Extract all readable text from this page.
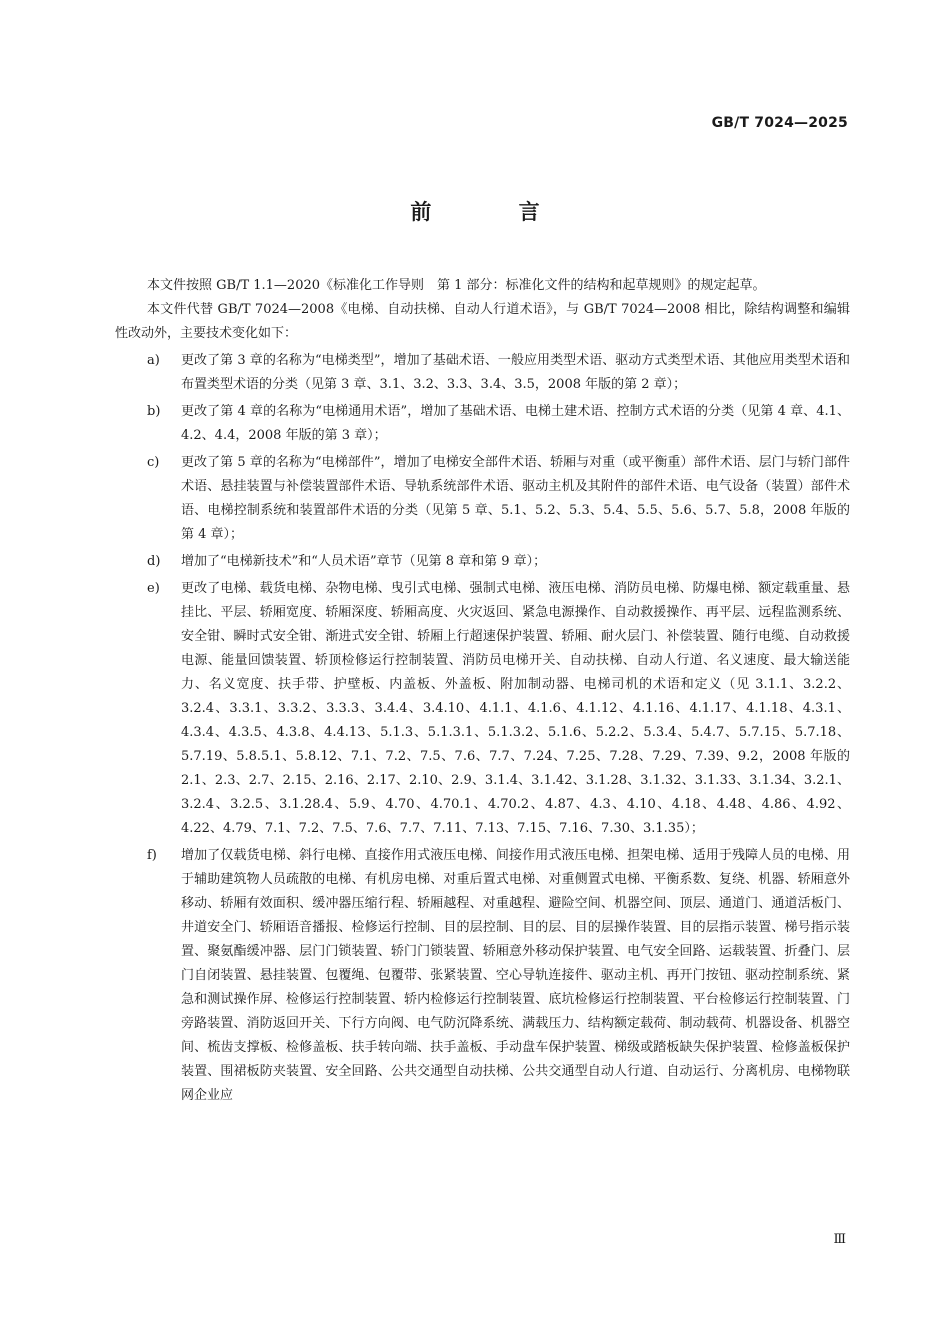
GB/T 7024—2025
前 言

本文件按照 GB/T 1.1—2020《标准化工作导则　第 1 部分：标准化文件的结构和起草规则》的规定起草。

本文件代替 GB/T 7024—2008《电梯、自动扶梯、自动人行道术语》，与 GB/T 7024—2008 相比，除结构调整和编辑性改动外，主要技术变化如下：

a) 更改了第 3 章的名称为“电梯类型”，增加了基础术语、一般应用类型术语、驱动方式类型术语、其他应用类型术语和布置类型术语的分类（见第 3 章、3.1、3.2、3.3、3.4、3.5，2008 年版的第 2 章）；
b) 更改了第 4 章的名称为“电梯通用术语”，增加了基础术语、电梯土建术语、控制方式术语的分类（见第 4 章、4.1、4.2、4.4，2008 年版的第 3 章）；
c) 更改了第 5 章的名称为“电梯部件”，增加了电梯安全部件术语、轿厢与对重（或平衡重）部件术语、层门与轿门部件术语、悬挂装置与补偿装置部件术语、导轨系统部件术语、驱动主机及其附件的部件术语、电气设备（装置）部件术语、电梯控制系统和装置部件术语的分类（见第 5 章、5.1、5.2、5.3、5.4、5.5、5.6、5.7、5.8，2008 年版的第 4 章）；
d) 增加了“电梯新技术”和“人员术语”章节（见第 8 章和第 9 章）；
e) 更改了电梯、载货电梯、杂物电梯、曳引式电梯、强制式电梯、液压电梯、消防员电梯、防爆电梯、额定载重量、悬挂比、平层、轿厢宽度、轿厢深度、轿厢高度、火灾返回、紧急电源操作、自动救援操作、再平层、远程监测系统、安全钳、瞬时式安全钳、渐进式安全钳、轿厢上行超速保护装置、轿厢、耐火层门、补偿装置、随行电缆、自动救援电源、能量回馈装置、轿顶检修运行控制装置、消防员电梯开关、自动扶梯、自动人行道、名义速度、最大输送能力、名义宽度、扶手带、护壁板、内盖板、外盖板、附加制动器、电梯司机的术语和定义（见 3.1.1、3.2.2、3.2.4、3.3.1、3.3.2、3.3.3、3.4.4、3.4.10、4.1.1、4.1.6、4.1.12、4.1.16、4.1.17、4.1.18、4.3.1、4.3.4、4.3.5、4.3.8、4.4.13、5.1.3、5.1.3.1、5.1.3.2、5.1.6、5.2.2、5.3.4、5.4.7、5.7.15、5.7.18、5.7.19、5.8.5.1、5.8.12、7.1、7.2、7.5、7.6、7.7、7.24、7.25、7.28、7.29、7.39、9.2，2008 年版的 2.1、2.3、2.7、2.15、2.16、2.17、2.10、2.9、3.1.4、3.1.42、3.1.28、3.1.32、3.1.33、3.1.34、3.2.1、3.2.4、3.2.5、3.1.28.4、5.9、4.70、4.70.1、4.70.2、4.87、4.3、4.10、4.18、4.48、4.86、4.92、4.22、4.79、7.1、7.2、7.5、7.6、7.7、7.11、7.13、7.15、7.16、7.30、3.1.35）；
f) 增加了仅载货电梯、斜行电梯、直接作用式液压电梯、间接作用式液压电梯、担架电梯、适用于残障人员的电梯、用于辅助建筑物人员疏散的电梯、有机房电梯、对重后置式电梯、对重侧置式电梯、平衡系数、复绕、机器、轿厢意外移动、轿厢有效面积、缓冲器压缩行程、轿厢越程、对重越程、避险空间、机器空间、顶层、通道门、通道活板门、井道安全门、轿厢语音播报、检修运行控制、目的层控制、目的层、目的层操作装置、目的层指示装置、梯号指示装置、聚氨酯缓冲器、层门门锁装置、轿门门锁装置、轿厢意外移动保护装置、电气安全回路、运载装置、折叠门、层门自闭装置、悬挂装置、包覆绳、包覆带、张紧装置、空心导轨连接件、驱动主机、再开门按钮、驱动控制系统、紧急和测试操作屏、检修运行控制装置、轿内检修运行控制装置、底坑检修运行控制装置、平台检修运行控制装置、门旁路装置、消防返回开关、下行方向阀、电气防沉降系统、满载压力、结构额定载荷、制动载荷、机器设备、机器空间、梳齿支撑板、检修盖板、扶手转向端、扶手盖板、手动盘车保护装置、梯级或踏板缺失保护装置、检修盖板保护装置、围裙板防夹装置、安全回路、公共交通型自动扶梯、公共交通型自动人行道、自动运行、分离机房、电梯物联网企业应
Ⅲ
